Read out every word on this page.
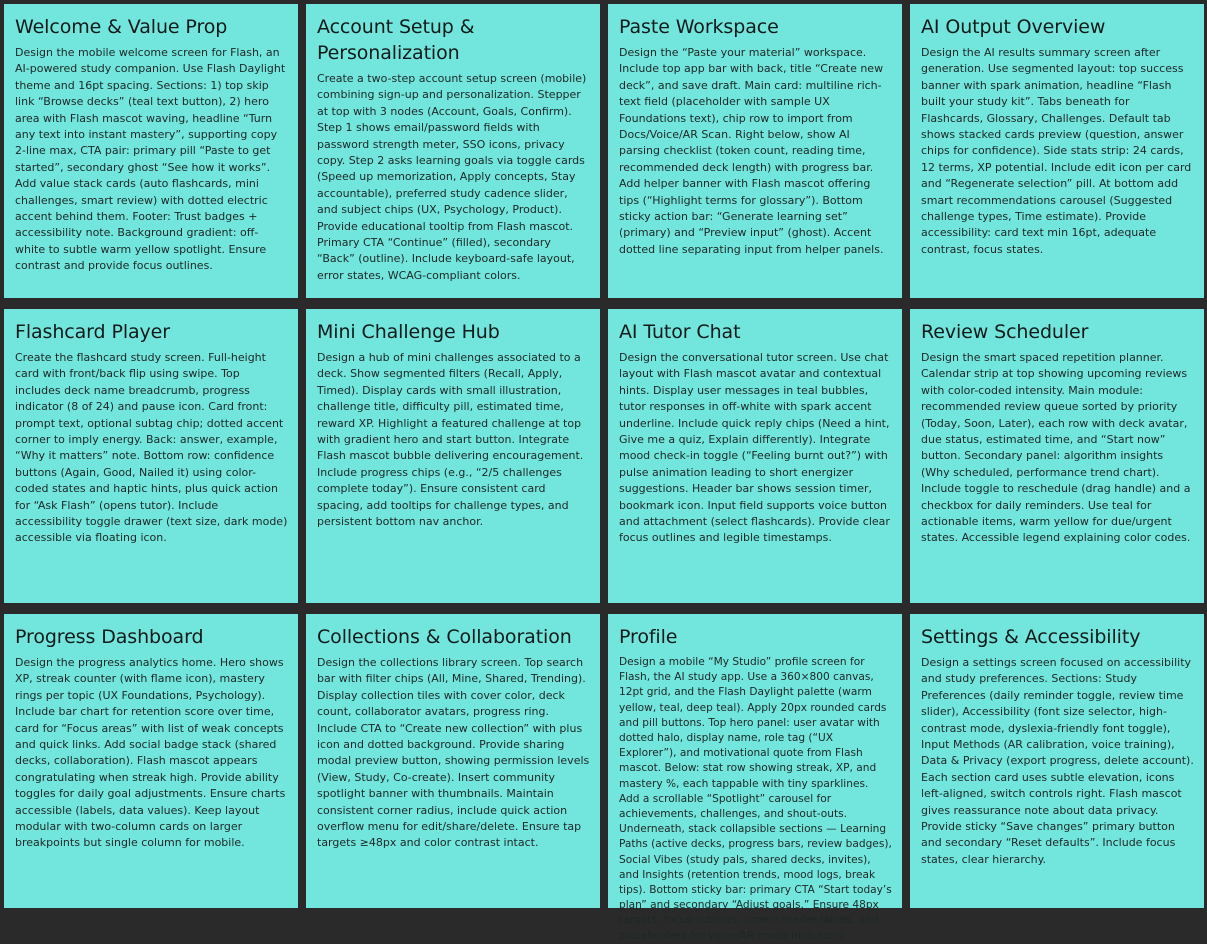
Welcome & Value Prop

Design the mobile welcome screen for Flash, an AI-powered study companion. Use Flash Daylight theme and 16pt spacing. Sections: 1) top skip link “Browse decks” (teal text button), 2) hero area with Flash mascot waving, headline “Turn any text into instant mastery”, supporting copy 2-line max, CTA pair: primary pill “Paste to get started”, secondary ghost “See how it works”. Add value stack cards (auto flashcards, mini challenges, smart review) with dotted electric accent behind them. Footer: Trust badges + accessibility note. Background gradient: off-white to subtle warm yellow spotlight. Ensure contrast and provide focus outlines.

Account Setup & Personalization

Create a two-step account setup screen (mobile) combining sign-up and personalization. Stepper at top with 3 nodes (Account, Goals, Confirm). Step 1 shows email/password fields with password strength meter, SSO icons, privacy copy. Step 2 asks learning goals via toggle cards (Speed up memorization, Apply concepts, Stay accountable), preferred study cadence slider, and subject chips (UX, Psychology, Product). Provide educational tooltip from Flash mascot. Primary CTA “Continue” (filled), secondary “Back” (outline). Include keyboard-safe layout, error states, WCAG-compliant colors.

Paste Workspace

Design the “Paste your material” workspace. Include top app bar with back, title “Create new deck”, and save draft. Main card: multiline rich-text field (placeholder with sample UX Foundations text), chip row to import from Docs/Voice/AR Scan. Right below, show AI parsing checklist (token count, reading time, recommended deck length) with progress bar. Add helper banner with Flash mascot offering tips (“Highlight terms for glossary”). Bottom sticky action bar: “Generate learning set” (primary) and “Preview input” (ghost). Accent dotted line separating input from helper panels.

AI Output Overview

Design the AI results summary screen after generation. Use segmented layout: top success banner with spark animation, headline “Flash built your study kit”. Tabs beneath for Flashcards, Glossary, Challenges. Default tab shows stacked cards preview (question, answer chips for confidence). Side stats strip: 24 cards, 12 terms, XP potential. Include edit icon per card and “Regenerate selection” pill. At bottom add smart recommendations carousel (Suggested challenge types, Time estimate). Provide accessibility: card text min 16pt, adequate contrast, focus states.

Flashcard Player

Create the flashcard study screen. Full-height card with front/back flip using swipe. Top includes deck name breadcrumb, progress indicator (8 of 24) and pause icon. Card front: prompt text, optional subtag chip; dotted accent corner to imply energy. Back: answer, example, “Why it matters” note. Bottom row: confidence buttons (Again, Good, Nailed it) using color-coded states and haptic hints, plus quick action for “Ask Flash” (opens tutor). Include accessibility toggle drawer (text size, dark mode) accessible via floating icon.

Mini Challenge Hub

Design a hub of mini challenges associated to a deck. Show segmented filters (Recall, Apply, Timed). Display cards with small illustration, challenge title, difficulty pill, estimated time, reward XP. Highlight a featured challenge at top with gradient hero and start button. Integrate Flash mascot bubble delivering encouragement. Include progress chips (e.g., “2/5 challenges complete today”). Ensure consistent card spacing, add tooltips for challenge types, and persistent bottom nav anchor.

AI Tutor Chat

Design the conversational tutor screen. Use chat layout with Flash mascot avatar and contextual hints. Display user messages in teal bubbles, tutor responses in off-white with spark accent underline. Include quick reply chips (Need a hint, Give me a quiz, Explain differently). Integrate mood check-in toggle (“Feeling burnt out?”) with pulse animation leading to short energizer suggestions. Header bar shows session timer, bookmark icon. Input field supports voice button and attachment (select flashcards). Provide clear focus outlines and legible timestamps.

Review Scheduler

Design the smart spaced repetition planner. Calendar strip at top showing upcoming reviews with color-coded intensity. Main module: recommended review queue sorted by priority (Today, Soon, Later), each row with deck avatar, due status, estimated time, and “Start now” button. Secondary panel: algorithm insights (Why scheduled, performance trend chart). Include toggle to reschedule (drag handle) and a checkbox for daily reminders. Use teal for actionable items, warm yellow for due/urgent states. Accessible legend explaining color codes.

Progress Dashboard

Design the progress analytics home. Hero shows XP, streak counter (with flame icon), mastery rings per topic (UX Foundations, Psychology). Include bar chart for retention score over time, card for “Focus areas” with list of weak concepts and quick links. Add social badge stack (shared decks, collaboration). Flash mascot appears congratulating when streak high. Provide ability toggles for daily goal adjustments. Ensure charts accessible (labels, data values). Keep layout modular with two-column cards on larger breakpoints but single column for mobile.

Collections & Collaboration

Design the collections library screen. Top search bar with filter chips (All, Mine, Shared, Trending). Display collection tiles with cover color, deck count, collaborator avatars, progress ring. Include CTA to “Create new collection” with plus icon and dotted background. Provide sharing modal preview button, showing permission levels (View, Study, Co-create). Insert community spotlight banner with thumbnails. Maintain consistent corner radius, include quick action overflow menu for edit/share/delete. Ensure tap targets ≥48px and color contrast intact.

Profile

Design a mobile “My Studio” profile screen for Flash, the AI study app. Use a 360×800 canvas, 12pt grid, and the Flash Daylight palette (warm yellow, teal, deep teal). Apply 20px rounded cards and pill buttons. Top hero panel: user avatar with dotted halo, display name, role tag (“UX Explorer”), and motivational quote from Flash mascot. Below: stat row showing streak, XP, and mastery %, each tappable with tiny sparklines. Add a scrollable “Spotlight” carousel for achievements, challenges, and shout-outs. Underneath, stack collapsible sections — Learning Paths (active decks, progress bars, review badges), Social Vibes (study pals, shared decks, invites), and Insights (retention trends, mood logs, break tips). Bottom sticky bar: primary CTA “Start today’s plan” and secondary “Adjust goals.” Ensure 48px targets, focus outlines, screen reader labels, and placeholders for voice/AR mode indicators.

Settings & Accessibility

Design a settings screen focused on accessibility and study preferences. Sections: Study Preferences (daily reminder toggle, review time slider), Accessibility (font size selector, high-contrast mode, dyslexia-friendly font toggle), Input Methods (AR calibration, voice training), Data & Privacy (export progress, delete account). Each section card uses subtle elevation, icons left-aligned, switch controls right. Flash mascot gives reassurance note about data privacy. Provide sticky “Save changes” primary button and secondary “Reset defaults”. Include focus states, clear hierarchy.
